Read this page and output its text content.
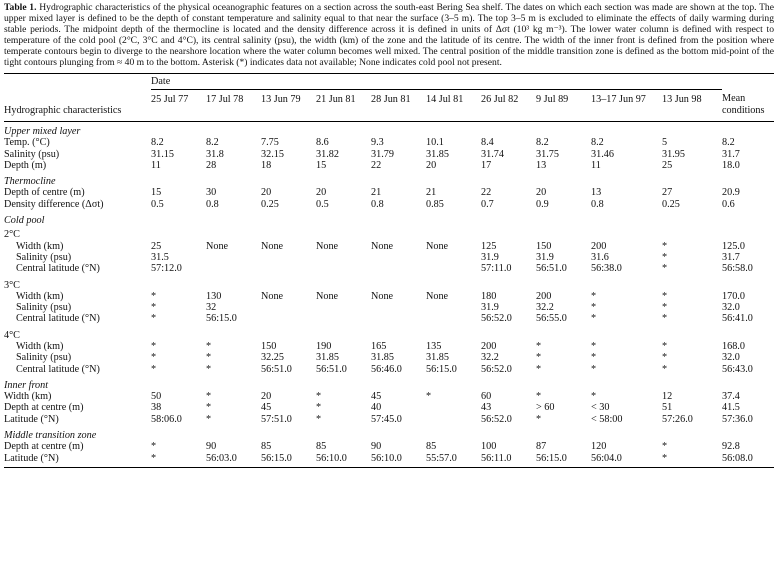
Table 1. Hydrographic characteristics of the physical oceanographic features on a section across the south-east Bering Sea shelf. The dates on which each section was made are shown at the top. The upper mixed layer is defined to be the depth of constant temperature and salinity equal to that near the surface (3–5 m). The top 3–5 m is excluded to eliminate the effects of daily warming during stable periods. The midpoint depth of the thermocline is located and the density difference across it is defined in units of Δσt (10³ kg m⁻³). The lower water column is defined with respect to temperature of the cold pool (2°C, 3°C and 4°C), its central salinity (psu), the width (km) of the zone and the latitude of its centre. The width of the inner front is defined from the position where temperate contours begin to diverge to the nearshore location where the water column becomes well mixed. The central position of the middle transition zone is defined as the bottom mid-point of the tight contours plunging from ≈ 40 m to the bottom. Asterisk (*) indicates data not available; None indicates cold pool not present.

	Date										
Hydrographic characteristics	25 Jul 77	17 Jul 78	13 Jun 79	21 Jun 81	28 Jun 81	14 Jul 81	26 Jul 82	9 Jul 89	13–17 Jun 97	13 Jun 98	Mean
conditions
Upper mixed layer											
Temp. (°C)	8.2	8.2	7.75	8.6	9.3	10.1	8.4	8.2	8.2	5	8.2
Salinity (psu)	31.15	31.8	32.15	31.82	31.79	31.85	31.74	31.75	31.46	31.95	31.7
Depth (m)	11	28	18	15	22	20	17	13	11	25	18.0
Thermocline											
Depth of centre (m)	15	30	20	20	21	21	22	20	13	27	20.9
Density difference (Δσt)	0.5	0.8	0.25	0.5	0.8	0.85	0.7	0.9	0.8	0.25	0.6
Cold pool											
2°C											
Width (km)	25	None	None	None	None	None	125	150	200	*	125.0
Salinity (psu)	31.5						31.9	31.9	31.6	*	31.7
Central latitude (°N)	57:12.0						57:11.0	56:51.0	56:38.0	*	56:58.0
3°C											
Width (km)	*	130	None	None	None	None	180	200	*	*	170.0
Salinity (psu)	*	32					31.9	32.2	*	*	32.0
Central latitude (°N)	*	56:15.0					56:52.0	56:55.0	*	*	56:41.0
4°C											
Width (km)	*	*	150	190	165	135	200	*	*	*	168.0
Salinity (psu)	*	*	32.25	31.85	31.85	31.85	32.2	*	*	*	32.0
Central latitude (°N)	*	*	56:51.0	56:51.0	56:46.0	56:15.0	56:52.0	*	*	*	56:43.0
Inner front											
Width (km)	50	*	20	*	45	*	60	*	*	12	37.4
Depth at centre (m)	38	*	45	*	40		43	> 60	< 30	51	41.5
Latitude (°N)	58:06.0	*	57:51.0	*	57:45.0		56:52.0	*	< 58:00	57:26.0	57:36.0
Middle transition zone											
Depth at centre (m)	*	90	85	85	90	85	100	87	120	*	92.8
Latitude (°N)	*	56:03.0	56:15.0	56:10.0	56:10.0	55:57.0	56:11.0	56:15.0	56:04.0	*	56:08.0
